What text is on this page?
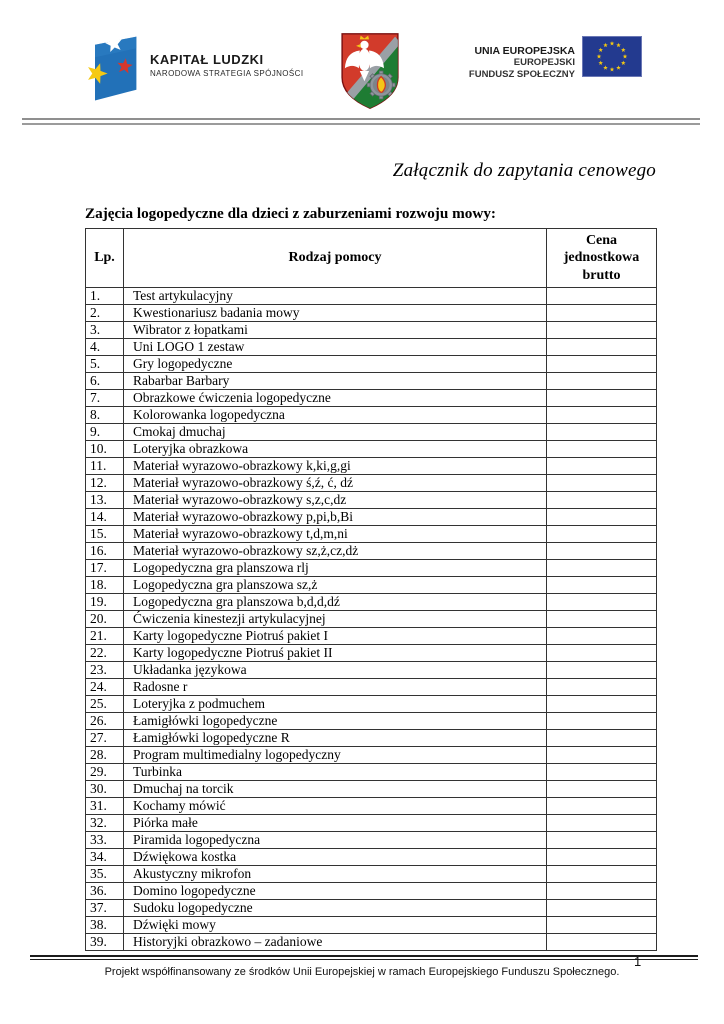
KAPITAŁ LUDZKI
NARODOWA STRATEGIA SPÓJNOŚCI
UNIA EUROPEJSKA
EUROPEJSKI
FUNDUSZ SPOŁECZNY
Załącznik do zapytania cenowego
Zajęcia logopedyczne dla dzieci z zaburzeniami rozwoju mowy:
Lp.	Rodzaj pomocy	Cena jednostkowa brutto
1.	Test artykulacyjny	
2.	Kwestionariusz badania mowy	
3.	Wibrator z łopatkami	
4.	Uni LOGO 1 zestaw	
5.	Gry logopedyczne	
6.	Rabarbar Barbary	
7.	Obrazkowe ćwiczenia logopedyczne	
8.	Kolorowanka logopedyczna	
9.	Cmokaj dmuchaj	
10.	Loteryjka obrazkowa	
11.	Materiał wyrazowo-obrazkowy k,ki,g,gi	
12.	Materiał wyrazowo-obrazkowy ś,ź, ć, dź	
13.	Materiał wyrazowo-obrazkowy s,z,c,dz	
14.	Materiał wyrazowo-obrazkowy p,pi,b,Bi	
15.	Materiał wyrazowo-obrazkowy t,d,m,ni	
16.	Materiał wyrazowo-obrazkowy sz,ż,cz,dż	
17.	Logopedyczna gra planszowa rlj	
18.	Logopedyczna gra planszowa sz,ż	
19.	Logopedyczna gra planszowa b,d,d,dź	
20.	Ćwiczenia kinestezji artykulacyjnej	
21.	Karty logopedyczne Piotruś pakiet I	
22.	Karty logopedyczne Piotruś pakiet II	
23.	Układanka językowa	
24.	Radosne r	
25.	Loteryjka z podmuchem	
26.	Łamigłówki logopedyczne	
27.	Łamigłówki logopedyczne R	
28.	Program multimedialny logopedyczny	
29.	Turbinka	
30.	Dmuchaj na torcik	
31.	Kochamy mówić	
32.	Piórka małe	
33.	Piramida logopedyczna	
34.	Dźwiękowa kostka	
35.	Akustyczny mikrofon	
36.	Domino logopedyczne	
37.	Sudoku logopedyczne	
38.	Dźwięki mowy	
39.	Historyjki obrazkowo – zadaniowe	
Projekt współfinansowany ze środków Unii Europejskiej w ramach Europejskiego Funduszu Społecznego.
1
